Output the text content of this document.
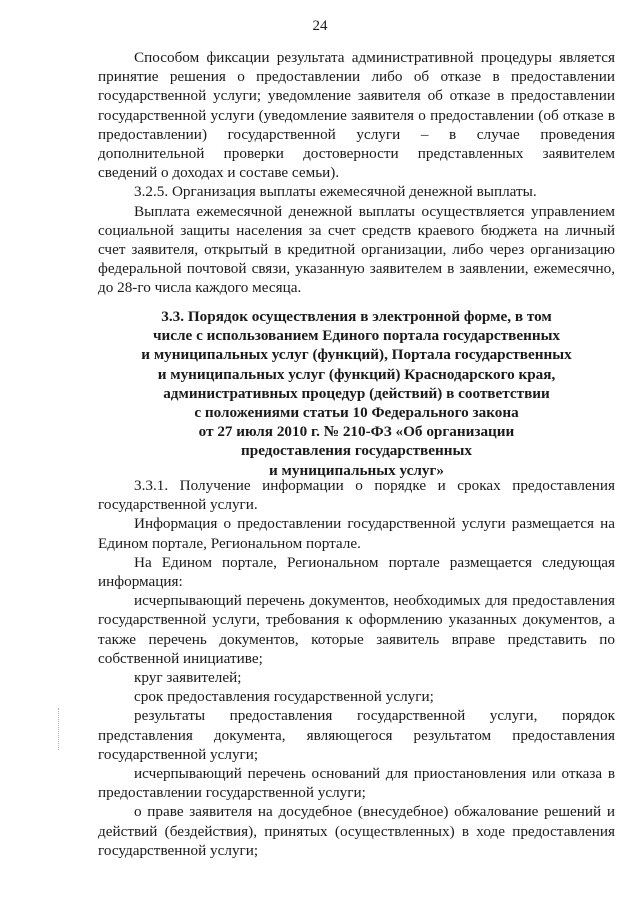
24

Способом фиксации результата административной процедуры является принятие решения о предоставлении либо об отказе в предоставлении государственной услуги; уведомление заявителя об отказе в предоставлении государственной услуги (уведомление заявителя о предоставлении (об отказе в предоставлении) государственной услуги – в случае проведения дополнительной проверки достоверности представленных заявителем сведений о доходах и составе семьи).

3.2.5. Организация выплаты ежемесячной денежной выплаты.

Выплата ежемесячной денежной выплаты осуществляется управлением социальной защиты населения за счет средств краевого бюджета на личный счет заявителя, открытый в кредитной организации, либо через организацию федеральной почтовой связи, указанную заявителем в заявлении, ежемесячно, до 28-го числа каждого месяца.

3.3. Порядок осуществления в электронной форме, в том
числе с использованием Единого портала государственных
и муниципальных услуг (функций), Портала государственных
и муниципальных услуг (функций) Краснодарского края,
административных процедур (действий) в соответствии
с положениями статьи 10 Федерального закона
от 27 июля 2010 г. № 210-ФЗ «Об организации
предоставления государственных
и муниципальных услуг»

3.3.1. Получение информации о порядке и сроках предоставления государственной услуги.

Информация о предоставлении государственной услуги размещается на Едином портале, Региональном портале.

На Едином портале, Региональном портале размещается следующая информация:

исчерпывающий перечень документов, необходимых для предоставления государственной услуги, требования к оформлению указанных документов, а также перечень документов, которые заявитель вправе представить по собственной инициативе;

круг заявителей;

срок предоставления государственной услуги;

результаты предоставления государственной услуги, порядок представления документа, являющегося результатом предоставления государственной услуги;

исчерпывающий перечень оснований для приостановления или отказа в предоставлении государственной услуги;

о праве заявителя на досудебное (внесудебное) обжалование решений и действий (бездействия), принятых (осуществленных) в ходе предоставления государственной услуги;
